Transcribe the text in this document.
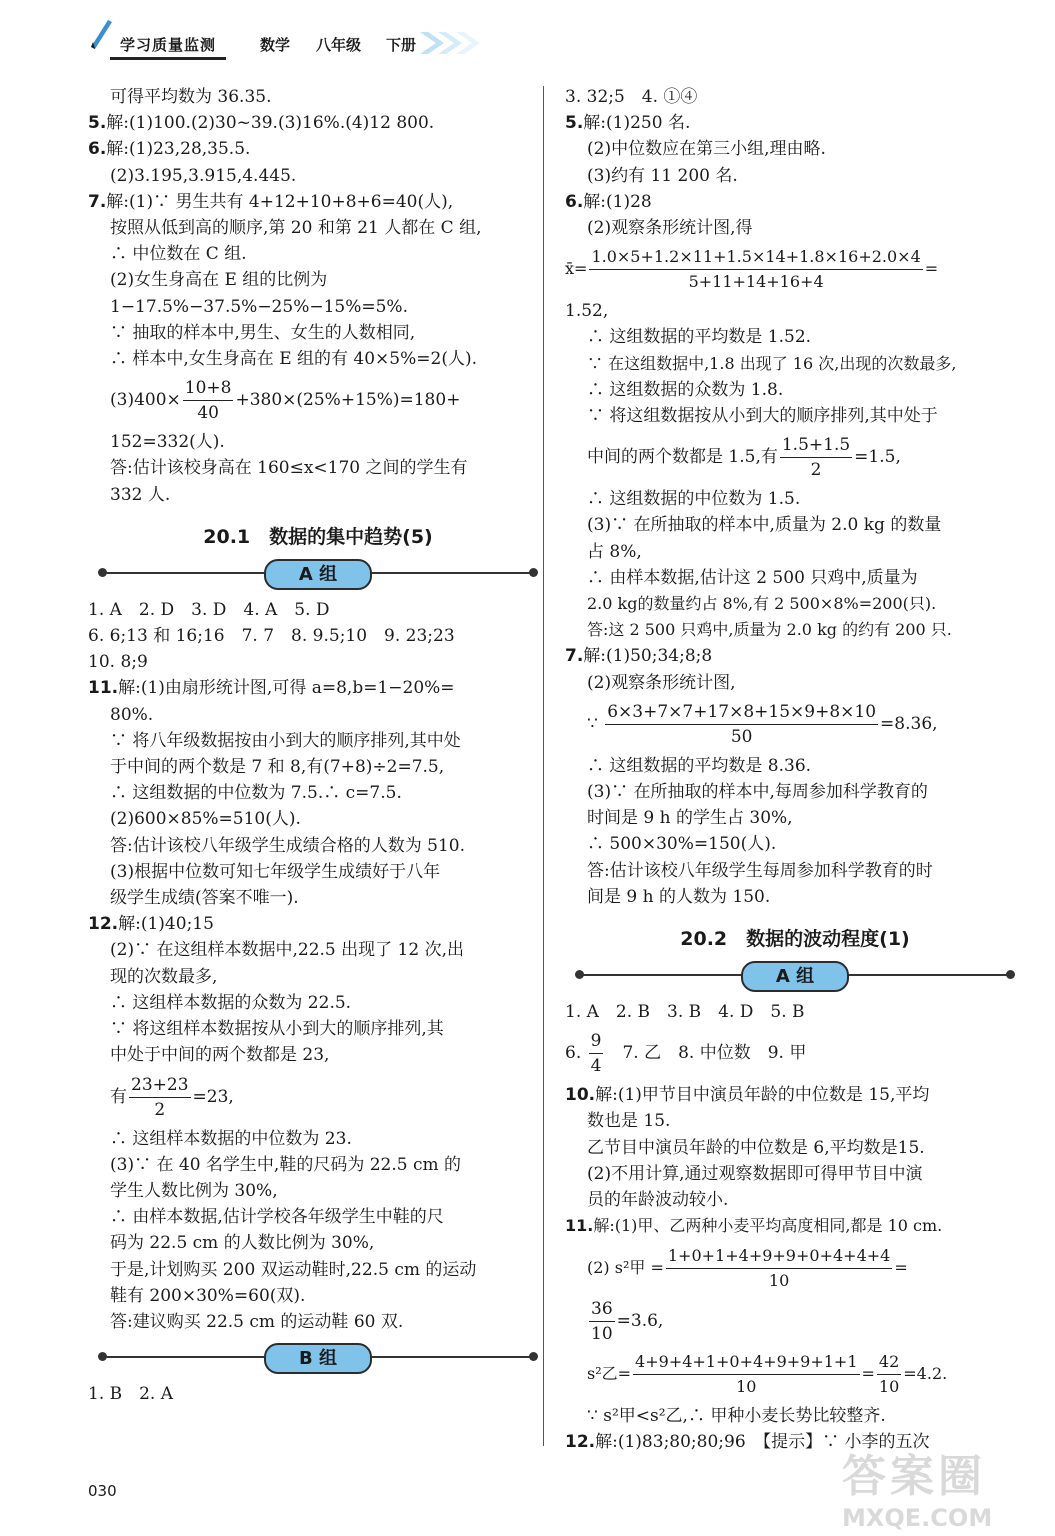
学习质量监测	数学 八年级 下册
可得平均数为 36.35.
5.解:(1)100.(2)30~39.(3)16%.(4)12 800.
6.解:(1)23,28,35.5.
(2)3.195,3.915,4.445.
7.解:(1)∵ 男生共有 4+12+10+8+6=40(人),
按照从低到高的顺序,第 20 和第 21 人都在 C 组,
∴ 中位数在 C 组.
(2)女生身高在 E 组的比例为
1−17.5%−37.5%−25%−15%=5%.
∵ 抽取的样本中,男生、女生的人数相同,
∴ 样本中,女生身高在 E 组的有 40×5%=2(人).
$(3)400\times \frac{10+8}{40} +380\times(25\%+15\%)=180+$
152=332(人).
答:估计该校身高在 160≤x<170 之间的学生有
332 人.
20.1　数据的集中趋势(5)
A 组
1. A　2. D　3. D　4. A　5. D
6. 6;13 和 16;16　7. 7　8. 9.5;10　9. 23;23
10. 8;9
11.解:(1)由扇形统计图,可得 a=8,b=1−20%=
80%.
∵ 将八年级数据按由小到大的顺序排列,其中处
于中间的两个数是 7 和 8,有(7+8)÷2=7.5,
∴ 这组数据的中位数为 7.5.∴ c=7.5.
(2)600×85%=510(人).
答:估计该校八年级学生成绩合格的人数为 510.
(3)根据中位数可知七年级学生成绩好于八年
级学生成绩(答案不唯一).
12.解:(1)40;15
(2)∵ 在这组样本数据中,22.5 出现了 12 次,出
现的次数最多,
∴ 这组样本数据的众数为 22.5.
∵ 将这组样本数据按从小到大的顺序排列,其
中处于中间的两个数都是 23,
有 $\frac{23+23}{2} =23$,
∴ 这组样本数据的中位数为 23.
(3)∵ 在 40 名学生中,鞋的尺码为 22.5 cm 的
学生人数比例为 30%,
∴ 由样本数据,估计学校各年级学生中鞋的尺
码为 22.5 cm 的人数比例为 30%,
于是,计划购买 200 双运动鞋时,22.5 cm 的运动
鞋有 200×30%=60(双).
答:建议购买 22.5 cm 的运动鞋 60 双.
B 组
1. B　2. A
3. 32;5　4. ①④
5.解:(1)250 名.
(2)中位数应在第三小组,理由略.
(3)约有 11 200 名.
6.解:(1)28
(2)观察条形统计图,得
x̄= $\frac{1.0\times 5+1.2\times 11+1.5\times 14+1.8\times 16+2.0\times 4}{5+11+14+16+4}$ =
1.52,
∴ 这组数据的平均数是 1.52.
∵ 在这组数据中,1.8 出现了 16 次,出现的次数最多,
∴ 这组数据的众数为 1.8.
∵ 将这组数据按从小到大的顺序排列,其中处于
中间的两个数都是 1.5,有 $\frac{1.5+1.5}{2} =1.5$,
∴ 这组数据的中位数为 1.5.
(3)∵ 在所抽取的样本中,质量为 2.0 kg 的数量
占 8%,
∴ 由样本数据,估计这 2 500 只鸡中,质量为
2.0 kg的数量约占 8%,有 2 500×8%=200(只).
答:这 2 500 只鸡中,质量为 2.0 kg 的约有 200 只.
7.解:(1)50;34;8;8
(2)观察条形统计图,
∵ $\frac{6\times 3+7\times 7+17\times 8+15\times 9+8\times 10}{50} =8.36$,
∴ 这组数据的平均数是 8.36.
(3)∵ 在所抽取的样本中,每周参加科学教育的
时间是 9 h 的学生占 30%,
∴ 500×30%=150(人).
答:估计该校八年级学生每周参加科学教育的时
间是 9 h 的人数为 150.
20.2　数据的波动程度(1)
A 组
1. A　2. B　3. B　4. D　5. B
6. $\frac{9}{4}$ 　7. 乙　8. 中位数　9. 甲
10.解:(1)甲节目中演员年龄的中位数是 15,平均
数也是 15.
乙节目中演员年龄的中位数是 6,平均数是15.
(2)不用计算,通过观察数据即可得甲节目中演
员的年龄波动较小.
11.解:(1)甲、乙两种小麦平均高度相同,都是 10 cm.
(2) s²甲 = $\frac{1+0+1+4+9+9+0+4+4+4}{10}$ =
$\frac{36}{10} =3.6$,
s²乙= $\frac{4+9+4+1+0+4+9+9+1+1}{10} = \frac{42}{10} =4.2$.
∵ s²甲<s²乙,∴ 甲种小麦长势比较整齐.
12.解:(1)83;80;80;96　【提示】∵ 小李的五次
030	答案圈
MXQE.COM
